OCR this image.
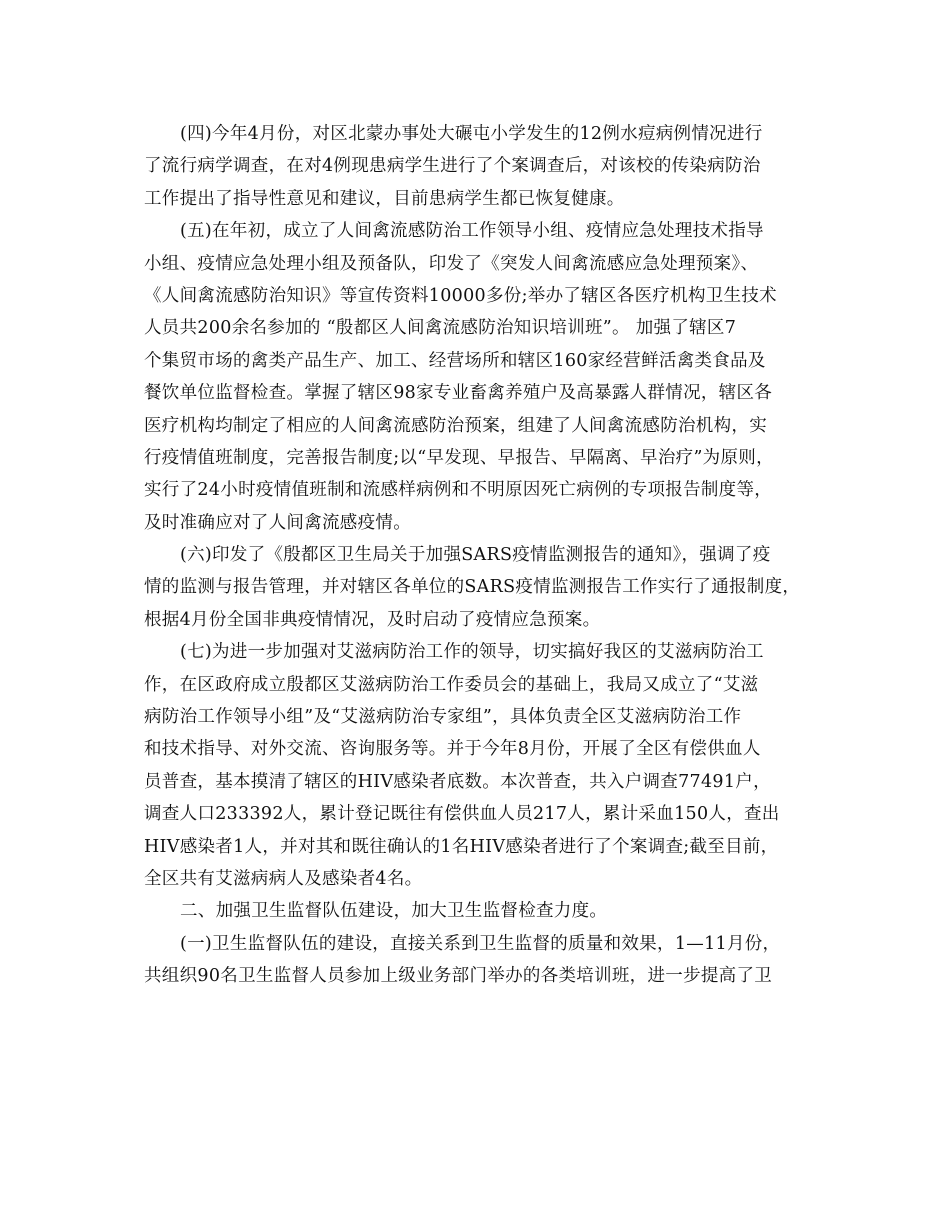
(四)今年4月份，对区北蒙办事处大碾屯小学发生的12例水痘病例情况进行
了流行病学调查，在对4例现患病学生进行了个案调查后，对该校的传染病防治
工作提出了指导性意见和建议，目前患病学生都已恢复健康。
(五)在年初，成立了人间禽流感防治工作领导小组、疫情应急处理技术指导
小组、疫情应急处理小组及预备队，印发了《突发人间禽流感应急处理预案》、
《人间禽流感防治知识》等宣传资料10000多份;举办了辖区各医疗机构卫生技术
人员共200余名参加的 “殷都区人间禽流感防治知识培训班”。 加强了辖区7
个集贸市场的禽类产品生产、加工、经营场所和辖区160家经营鲜活禽类食品及
餐饮单位监督检查。掌握了辖区98家专业畜禽养殖户及高暴露人群情况，辖区各
医疗机构均制定了相应的人间禽流感防治预案，组建了人间禽流感防治机构，实
行疫情值班制度，完善报告制度;以“早发现、早报告、早隔离、早治疗”为原则，
实行了24小时疫情值班制和流感样病例和不明原因死亡病例的专项报告制度等，
及时准确应对了人间禽流感疫情。
(六)印发了《殷都区卫生局关于加强SARS疫情监测报告的通知》，强调了疫
情的监测与报告管理，并对辖区各单位的SARS疫情监测报告工作实行了通报制度，
根据4月份全国非典疫情情况，及时启动了疫情应急预案。
(七)为进一步加强对艾滋病防治工作的领导，切实搞好我区的艾滋病防治工
作，在区政府成立殷都区艾滋病防治工作委员会的基础上，我局又成立了“艾滋
病防治工作领导小组”及“艾滋病防治专家组”，具体负责全区艾滋病防治工作
和技术指导、对外交流、咨询服务等。并于今年8月份，开展了全区有偿供血人
员普查，基本摸清了辖区的HIV感染者底数。本次普查，共入户调查77491户，
调查人口233392人，累计登记既往有偿供血人员217人，累计采血150人，查出
HIV感染者1人，并对其和既往确认的1名HIV感染者进行了个案调查;截至目前，
全区共有艾滋病病人及感染者4名。
二、加强卫生监督队伍建设，加大卫生监督检查力度。
(一)卫生监督队伍的建设，直接关系到卫生监督的质量和效果，1—11月份，
共组织90名卫生监督人员参加上级业务部门举办的各类培训班，进一步提高了卫
